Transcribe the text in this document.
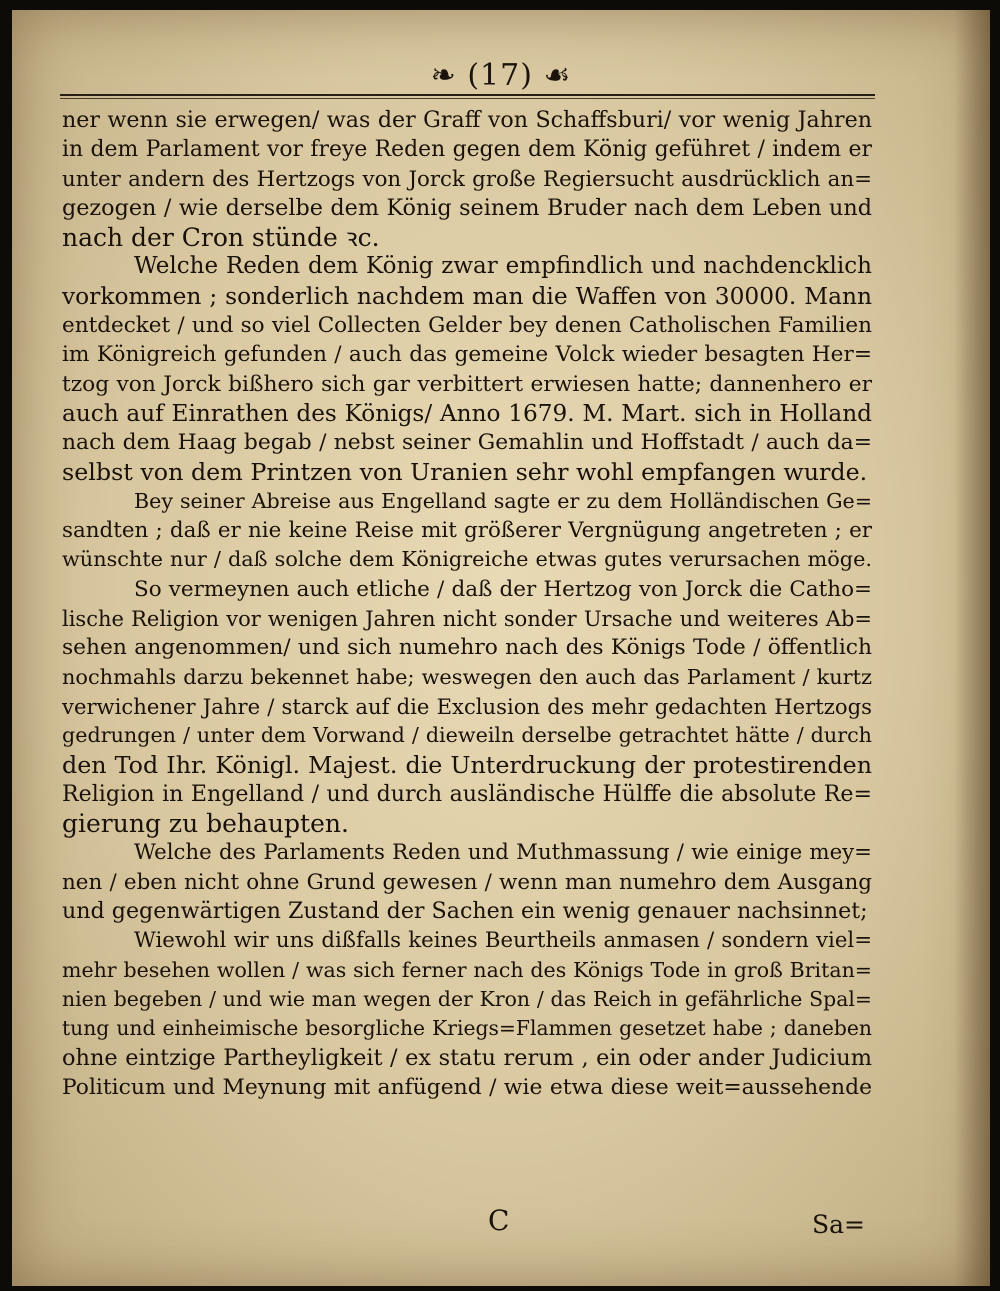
❧ (17) ☙
ner wenn sie erwegen/ was der Graff von Schaffsburi/ vor wenig Jahren
in dem Parlament vor freye Reden gegen dem König geführet / indem er
unter andern des Hertzogs von Jorck große Regiersucht ausdrücklich an=
gezogen / wie derselbe dem König seinem Bruder nach dem Leben und
nach der Cron stünde ꝛc.
Welche Reden dem König zwar empfindlich und nachdencklich
vorkommen ; sonderlich nachdem man die Waffen von 30000. Mann
entdecket / und so viel Collecten Gelder bey denen Catholischen Familien
im Königreich gefunden / auch das gemeine Volck wieder besagten Her=
tzog von Jorck bißhero sich gar verbittert erwiesen hatte; dannenhero er
auch auf Einrathen des Königs/ Anno 1679. M. Mart. sich in Holland
nach dem Haag begab / nebst seiner Gemahlin und Hoffstadt / auch da=
selbst von dem Printzen von Uranien sehr wohl empfangen wurde.
Bey seiner Abreise aus Engelland sagte er zu dem Holländischen Ge=
sandten ; daß er nie keine Reise mit größerer Vergnügung angetreten ; er
wünschte nur / daß solche dem Königreiche etwas gutes verursachen möge.
So vermeynen auch etliche / daß der Hertzog von Jorck die Catho=
lische Religion vor wenigen Jahren nicht sonder Ursache und weiteres Ab=
sehen angenommen/ und sich numehro nach des Königs Tode / öffentlich
nochmahls darzu bekennet habe; weswegen den auch das Parlament / kurtz
verwichener Jahre / starck auf die Exclusion des mehr gedachten Hertzogs
gedrungen / unter dem Vorwand / dieweiln derselbe getrachtet hätte / durch
den Tod Ihr. Königl. Majest. die Unterdruckung der protestirenden
Religion in Engelland / und durch ausländische Hülffe die absolute Re=
gierung zu behaupten.
Welche des Parlaments Reden und Muthmassung / wie einige mey=
nen / eben nicht ohne Grund gewesen / wenn man numehro dem Ausgang
und gegenwärtigen Zustand der Sachen ein wenig genauer nachsinnet;
Wiewohl wir uns dißfalls keines Beurtheils anmasen / sondern viel=
mehr besehen wollen / was sich ferner nach des Königs Tode in groß Britan=
nien begeben / und wie man wegen der Kron / das Reich in gefährliche Spal=
tung und einheimische besorgliche Kriegs=Flammen gesetzet habe ; daneben
ohne eintzige Partheyligkeit / ex statu rerum , ein oder ander Judicium
Politicum und Meynung mit anfügend / wie etwa diese weit=aussehende
C	Sa=
